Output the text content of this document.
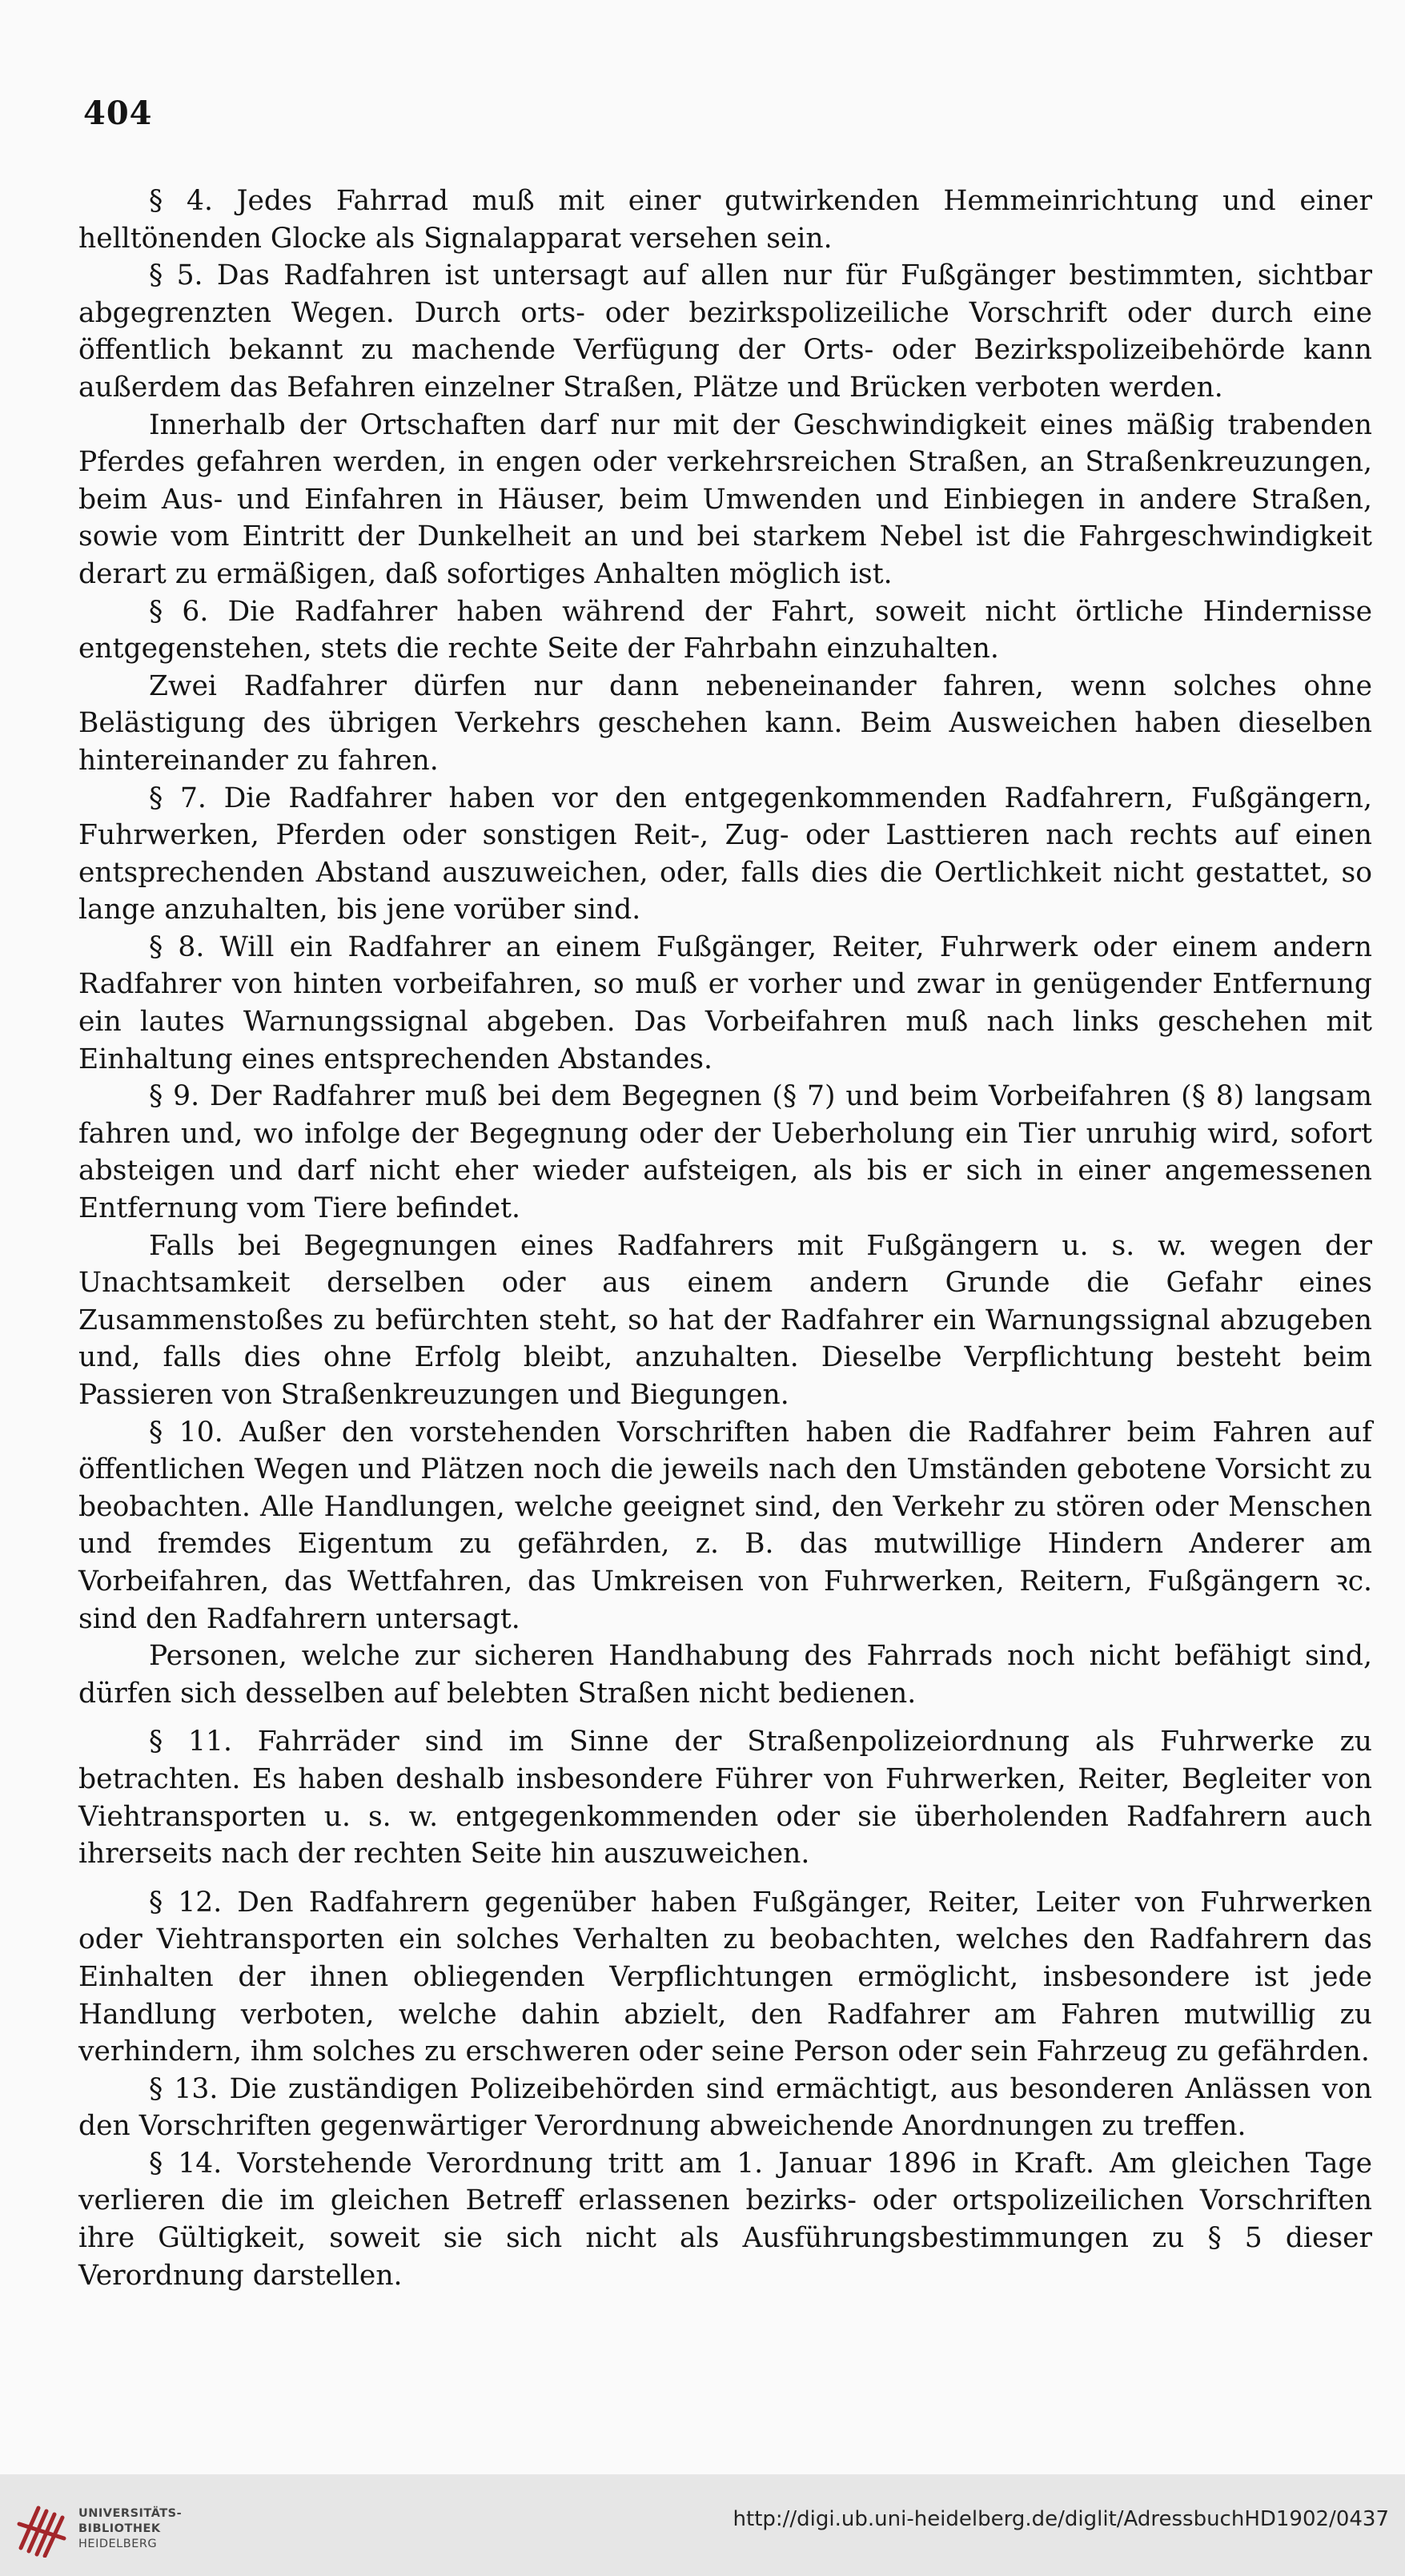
404

§ 4. Jedes Fahrrad muß mit einer gutwirkenden Hemmeinrichtung und einer helltönenden Glocke als Signalapparat versehen sein.

§ 5. Das Radfahren ist untersagt auf allen nur für Fußgänger bestimmten, sichtbar abgegrenzten Wegen. Durch orts- oder bezirkspolizeiliche Vorschrift oder durch eine öffentlich bekannt zu machende Verfügung der Orts- oder Bezirkspolizeibehörde kann außerdem das Befahren einzelner Straßen, Plätze und Brücken verboten werden.

Innerhalb der Ortschaften darf nur mit der Geschwindigkeit eines mäßig trabenden Pferdes gefahren werden, in engen oder verkehrsreichen Straßen, an Straßenkreuzungen, beim Aus- und Einfahren in Häuser, beim Umwenden und Einbiegen in andere Straßen, sowie vom Eintritt der Dunkelheit an und bei starkem Nebel ist die Fahrgeschwindigkeit derart zu ermäßigen, daß sofortiges Anhalten möglich ist.

§ 6. Die Radfahrer haben während der Fahrt, soweit nicht örtliche Hindernisse entgegenstehen, stets die rechte Seite der Fahrbahn einzuhalten.

Zwei Radfahrer dürfen nur dann nebeneinander fahren, wenn solches ohne Belästigung des übrigen Verkehrs geschehen kann. Beim Ausweichen haben dieselben hintereinander zu fahren.

§ 7. Die Radfahrer haben vor den entgegenkommenden Radfahrern, Fußgängern, Fuhrwerken, Pferden oder sonstigen Reit-, Zug- oder Lasttieren nach rechts auf einen entsprechenden Abstand auszuweichen, oder, falls dies die Oertlichkeit nicht gestattet, so lange anzuhalten, bis jene vorüber sind.

§ 8. Will ein Radfahrer an einem Fußgänger, Reiter, Fuhrwerk oder einem andern Radfahrer von hinten vorbeifahren, so muß er vorher und zwar in genügender Entfernung ein lautes Warnungssignal abgeben. Das Vorbeifahren muß nach links geschehen mit Einhaltung eines entsprechenden Abstandes.

§ 9. Der Radfahrer muß bei dem Begegnen (§ 7) und beim Vorbeifahren (§ 8) langsam fahren und, wo infolge der Begegnung oder der Ueberholung ein Tier unruhig wird, sofort absteigen und darf nicht eher wieder aufsteigen, als bis er sich in einer angemessenen Entfernung vom Tiere befindet.

Falls bei Begegnungen eines Radfahrers mit Fußgängern u. s. w. wegen der Unachtsamkeit derselben oder aus einem andern Grunde die Gefahr eines Zusammenstoßes zu befürchten steht, so hat der Radfahrer ein Warnungssignal abzugeben und, falls dies ohne Erfolg bleibt, anzuhalten. Dieselbe Verpflichtung besteht beim Passieren von Straßenkreuzungen und Biegungen.

§ 10. Außer den vorstehenden Vorschriften haben die Radfahrer beim Fahren auf öffentlichen Wegen und Plätzen noch die jeweils nach den Umständen gebotene Vorsicht zu beobachten. Alle Handlungen, welche geeignet sind, den Verkehr zu stören oder Menschen und fremdes Eigentum zu gefährden, z. B. das mutwillige Hindern Anderer am Vorbeifahren, das Wettfahren, das Umkreisen von Fuhrwerken, Reitern, Fußgängern ꝛc. sind den Radfahrern untersagt.

Personen, welche zur sicheren Handhabung des Fahrrads noch nicht befähigt sind, dürfen sich desselben auf belebten Straßen nicht bedienen.

§ 11. Fahrräder sind im Sinne der Straßenpolizeiordnung als Fuhrwerke zu betrachten. Es haben deshalb insbesondere Führer von Fuhrwerken, Reiter, Begleiter von Viehtransporten u. s. w. entgegenkommenden oder sie überholenden Radfahrern auch ihrerseits nach der rechten Seite hin auszuweichen.

§ 12. Den Radfahrern gegenüber haben Fußgänger, Reiter, Leiter von Fuhrwerken oder Viehtransporten ein solches Verhalten zu beobachten, welches den Radfahrern das Einhalten der ihnen obliegenden Verpflichtungen ermöglicht, insbesondere ist jede Handlung verboten, welche dahin abzielt, den Radfahrer am Fahren mutwillig zu verhindern, ihm solches zu erschweren oder seine Person oder sein Fahrzeug zu gefährden.

§ 13. Die zuständigen Polizeibehörden sind ermächtigt, aus besonderen Anlässen von den Vorschriften gegenwärtiger Verordnung abweichende Anordnungen zu treffen.

§ 14. Vorstehende Verordnung tritt am 1. Januar 1896 in Kraft. Am gleichen Tage verlieren die im gleichen Betreff erlassenen bezirks- oder ortspolizeilichen Vorschriften ihre Gültigkeit, soweit sie sich nicht als Ausführungsbestimmungen zu § 5 dieser Verordnung darstellen.

UNIVERSITÄTS-
BIBLIOTHEK
HEIDELBERG
http://digi.ub.uni-heidelberg.de/diglit/AdressbuchHD1902/0437
